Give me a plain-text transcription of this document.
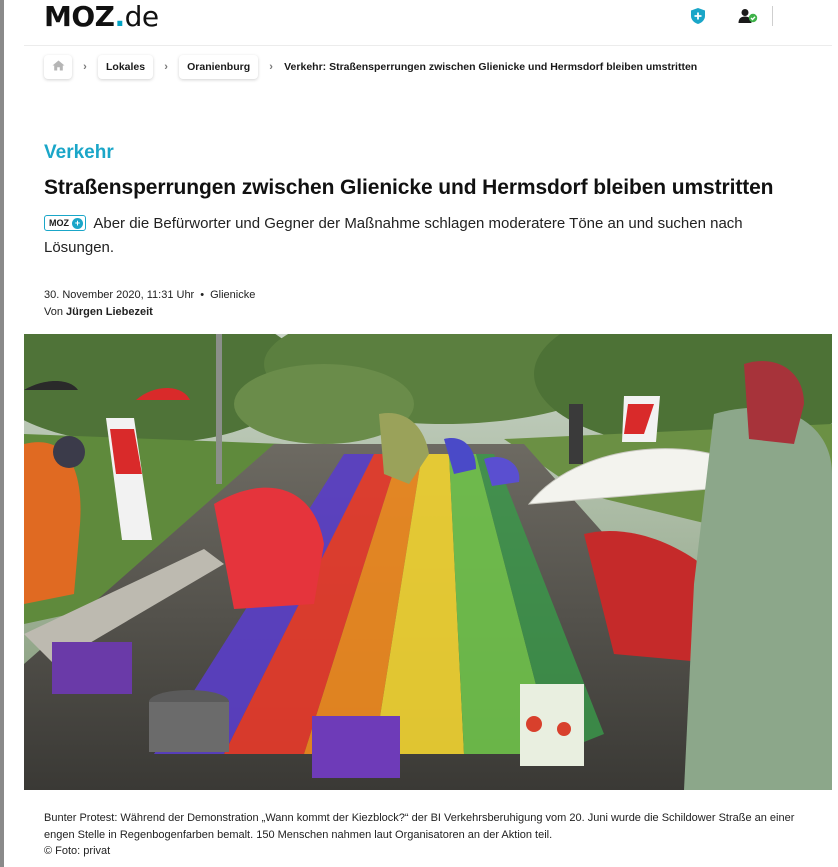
MOZ.de
›	Lokales	›	Oranienburg	›	Verkehr: Straßensperrungen zwischen Glienicke und Hermsdorf bleiben umstritten
Verkehr
Straßensperrungen zwischen Glienicke und Hermsdorf bleiben umstritten

MOZ + Aber die Befürworter und Gegner der Maßnahme schlagen moderatere Töne an und suchen nach Lösungen.

30. November 2020, 11:31 Uhr • Glienicke
Von Jürgen Liebezeit

Bunter Protest: Während der Demonstration „Wann kommt der Kiezblock?“ der BI Verkehrsberuhigung vom 20. Juni wurde die Schildower Straße an einer engen Stelle in Regenbogenfarben bemalt. 150 Menschen nahmen laut Organisatoren an der Aktion teil.

© Foto: privat
